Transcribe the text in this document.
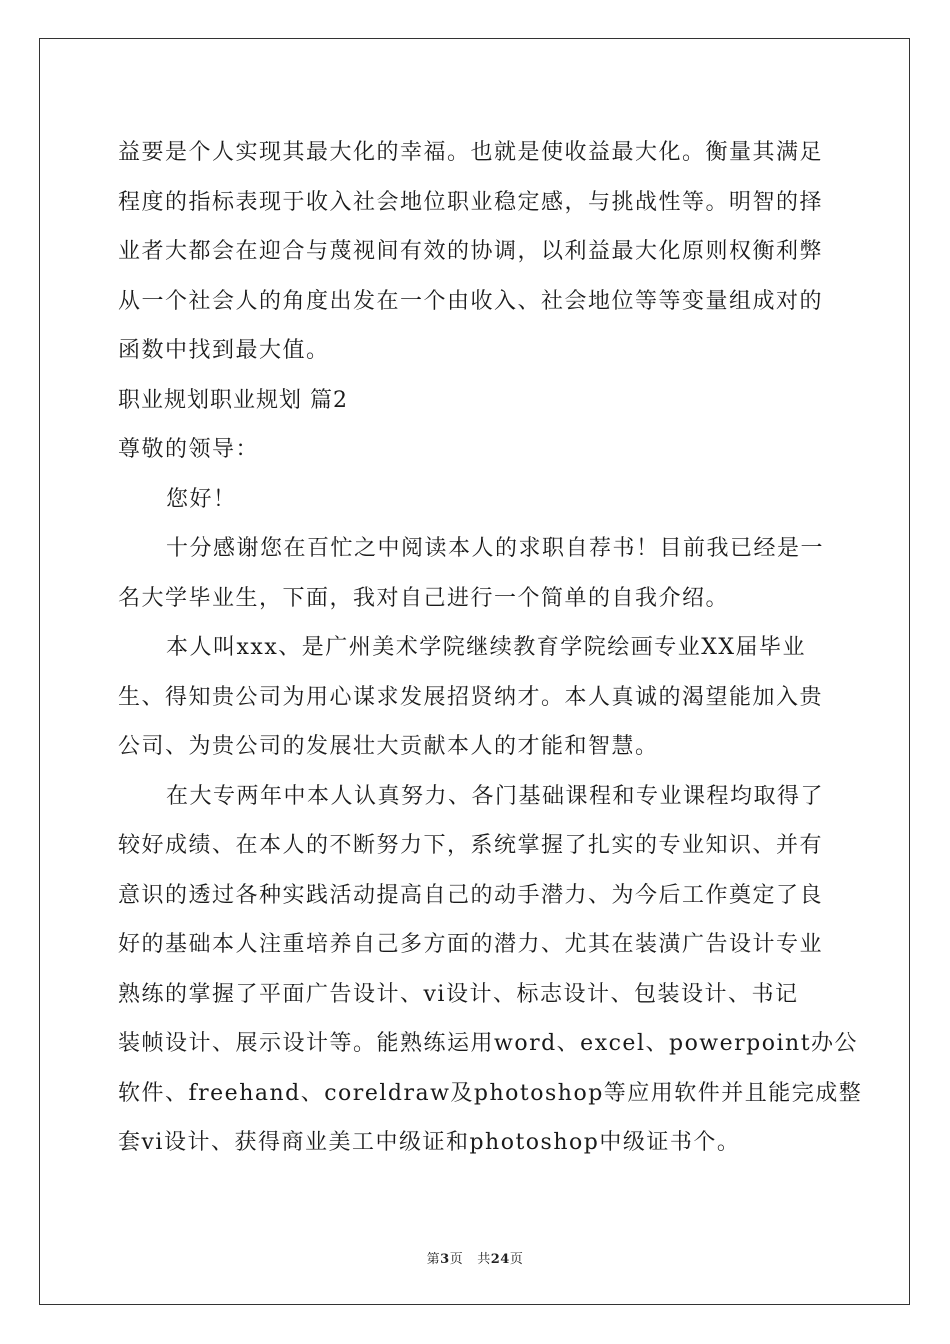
益要是个人实现其最大化的幸福。也就是使收益最大化。衡量其满足
程度的指标表现于收入社会地位职业稳定感，与挑战性等。明智的择
业者大都会在迎合与蔑视间有效的协调，以利益最大化原则权衡利弊
从一个社会人的角度出发在一个由收入、社会地位等等变量组成对的
函数中找到最大值。
职业规划职业规划 篇2
尊敬的领导：
您好！
十分感谢您在百忙之中阅读本人的求职自荐书！目前我已经是一
名大学毕业生，下面，我对自己进行一个简单的自我介绍。
本人叫xxx、是广州美术学院继续教育学院绘画专业XX届毕业
生、得知贵公司为用心谋求发展招贤纳才。本人真诚的渴望能加入贵
公司、为贵公司的发展壮大贡献本人的才能和智慧。
在大专两年中本人认真努力、各门基础课程和专业课程均取得了
较好成绩、在本人的不断努力下，系统掌握了扎实的专业知识、并有
意识的透过各种实践活动提高自己的动手潜力、为今后工作奠定了良
好的基础本人注重培养自己多方面的潜力、尤其在装潢广告设计专业
熟练的掌握了平面广告设计、vi设计、标志设计、包装设计、书记
装帧设计、展示设计等。能熟练运用word、excel、powerpoint办公
软件、freehand、coreldraw及photoshop等应用软件并且能完成整
套vi设计、获得商业美工中级证和photoshop中级证书个。
第3页 共24页
